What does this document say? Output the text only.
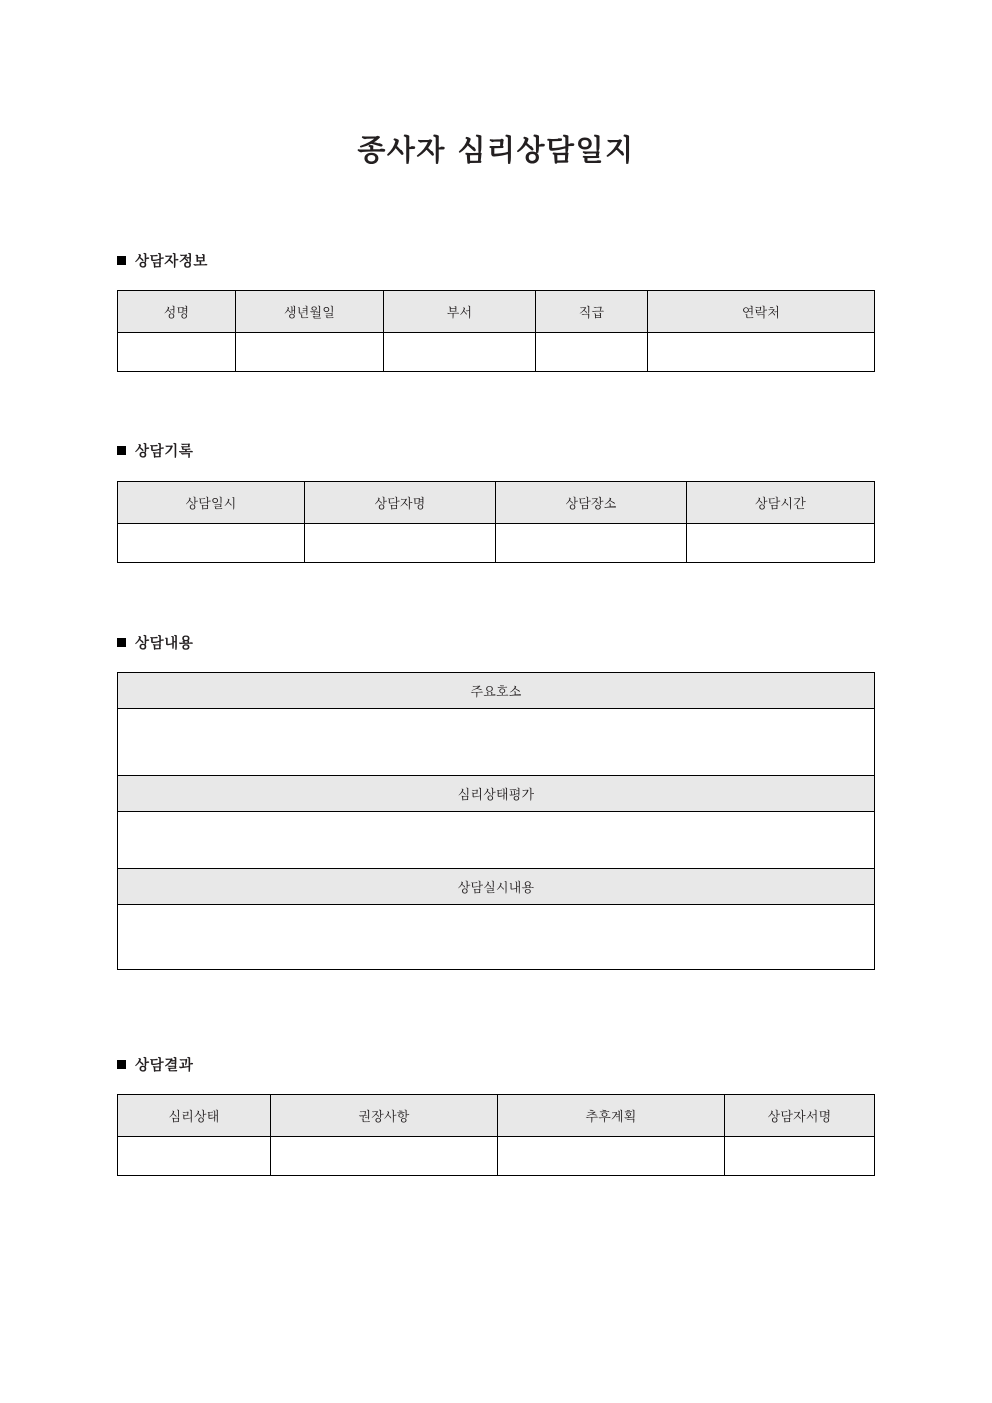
종사자 심리상담일지
상담자정보
성명	생년월일	부서	직급	연락처

상담기록
상담일시	상담자명	상담장소	상담시간

상담내용
주요호소

심리상태평가

상담실시내용

상담결과
심리상태	권장사항	추후계획	상담자서명
